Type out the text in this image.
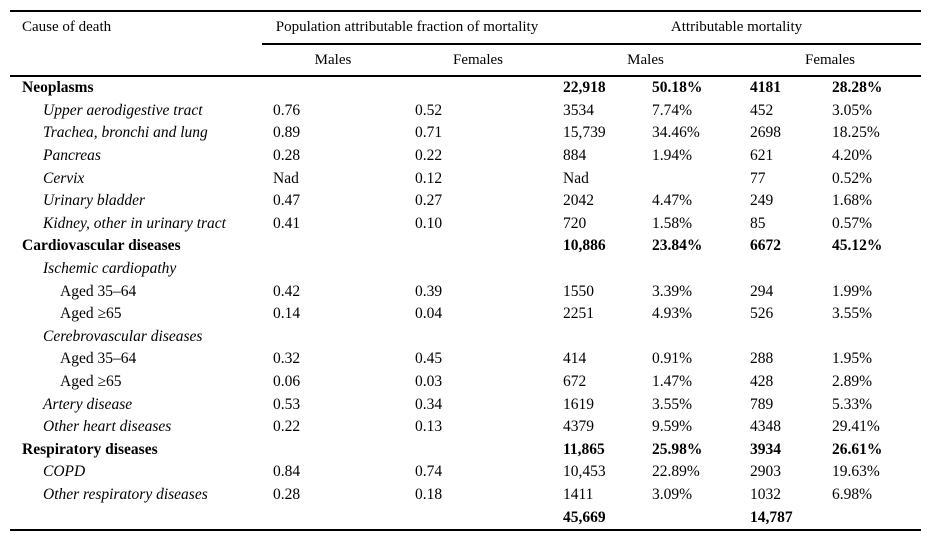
Cause of death	Population attributable fraction of mortality		Attributable mortality			
	Males	Females	Males		Females	
Neoplasms			22,918	50.18%	4181	28.28%
Upper aerodigestive tract	0.76	0.52	3534	7.74%	452	3.05%
Trachea, bronchi and lung	0.89	0.71	15,739	34.46%	2698	18.25%
Pancreas	0.28	0.22	884	1.94%	621	4.20%
Cervix	Nad	0.12	Nad		77	0.52%
Urinary bladder	0.47	0.27	2042	4.47%	249	1.68%
Kidney, other in urinary tract	0.41	0.10	720	1.58%	85	0.57%
Cardiovascular diseases			10,886	23.84%	6672	45.12%
Ischemic cardiopathy						
Aged 35–64	0.42	0.39	1550	3.39%	294	1.99%
Aged ≥65	0.14	0.04	2251	4.93%	526	3.55%
Cerebrovascular diseases						
Aged 35–64	0.32	0.45	414	0.91%	288	1.95%
Aged ≥65	0.06	0.03	672	1.47%	428	2.89%
Artery disease	0.53	0.34	1619	3.55%	789	5.33%
Other heart diseases	0.22	0.13	4379	9.59%	4348	29.41%
Respiratory diseases			11,865	25.98%	3934	26.61%
COPD	0.84	0.74	10,453	22.89%	2903	19.63%
Other respiratory diseases	0.28	0.18	1411	3.09%	1032	6.98%
			45,669		14,787	
